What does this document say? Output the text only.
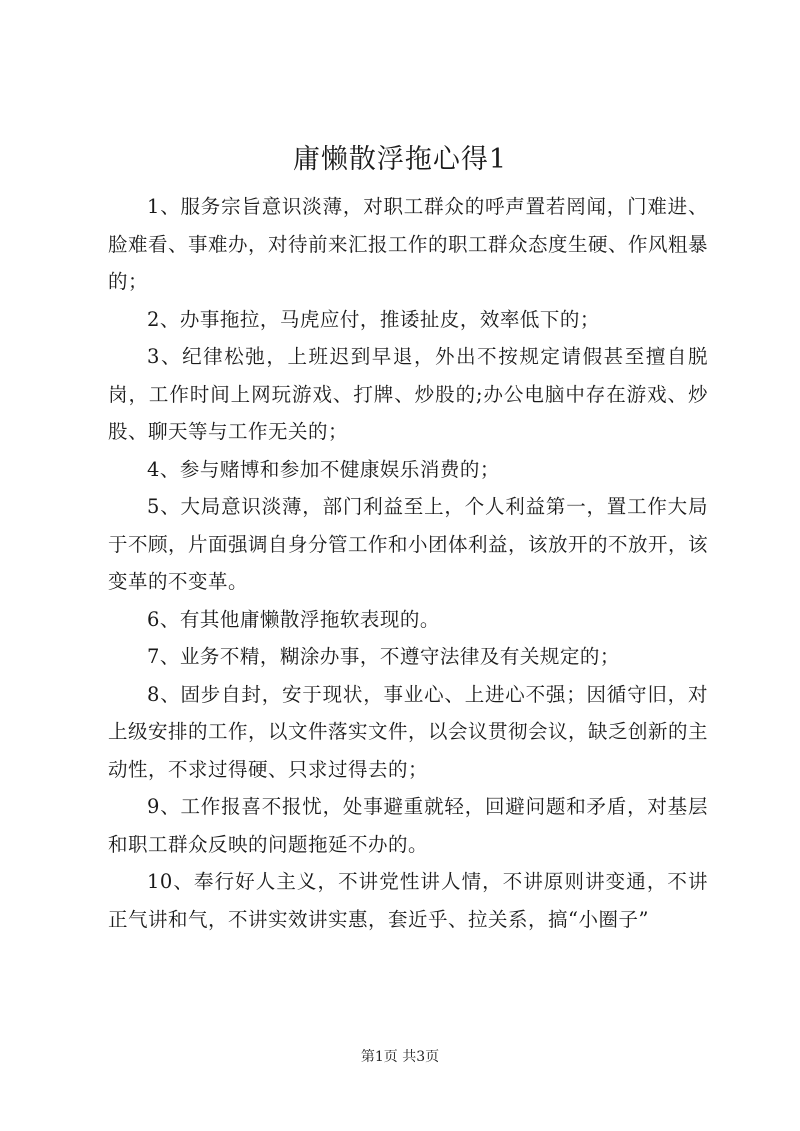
庸懒散浮拖心得1

1、服务宗旨意识淡薄，对职工群众的呼声置若罔闻，门难进、脸难看、事难办，对待前来汇报工作的职工群众态度生硬、作风粗暴的；

2、办事拖拉，马虎应付，推诿扯皮，效率低下的；

3、纪律松弛，上班迟到早退，外出不按规定请假甚至擅自脱岗，工作时间上网玩游戏、打牌、炒股的;办公电脑中存在游戏、炒股、聊天等与工作无关的；

4、参与赌博和参加不健康娱乐消费的；

5、大局意识淡薄，部门利益至上，个人利益第一，置工作大局于不顾，片面强调自身分管工作和小团体利益，该放开的不放开，该变革的不变革。

6、有其他庸懒散浮拖软表现的。

7、业务不精，糊涂办事，不遵守法律及有关规定的；

8、固步自封，安于现状，事业心、上进心不强；因循守旧，对上级安排的工作，以文件落实文件，以会议贯彻会议，缺乏创新的主动性，不求过得硬、只求过得去的；

9、工作报喜不报忧，处事避重就轻，回避问题和矛盾，对基层和职工群众反映的问题拖延不办的。

10、奉行好人主义，不讲党性讲人情，不讲原则讲变通，不讲正气讲和气，不讲实效讲实惠，套近乎、拉关系，搞“小圈子”

第1页 共3页
